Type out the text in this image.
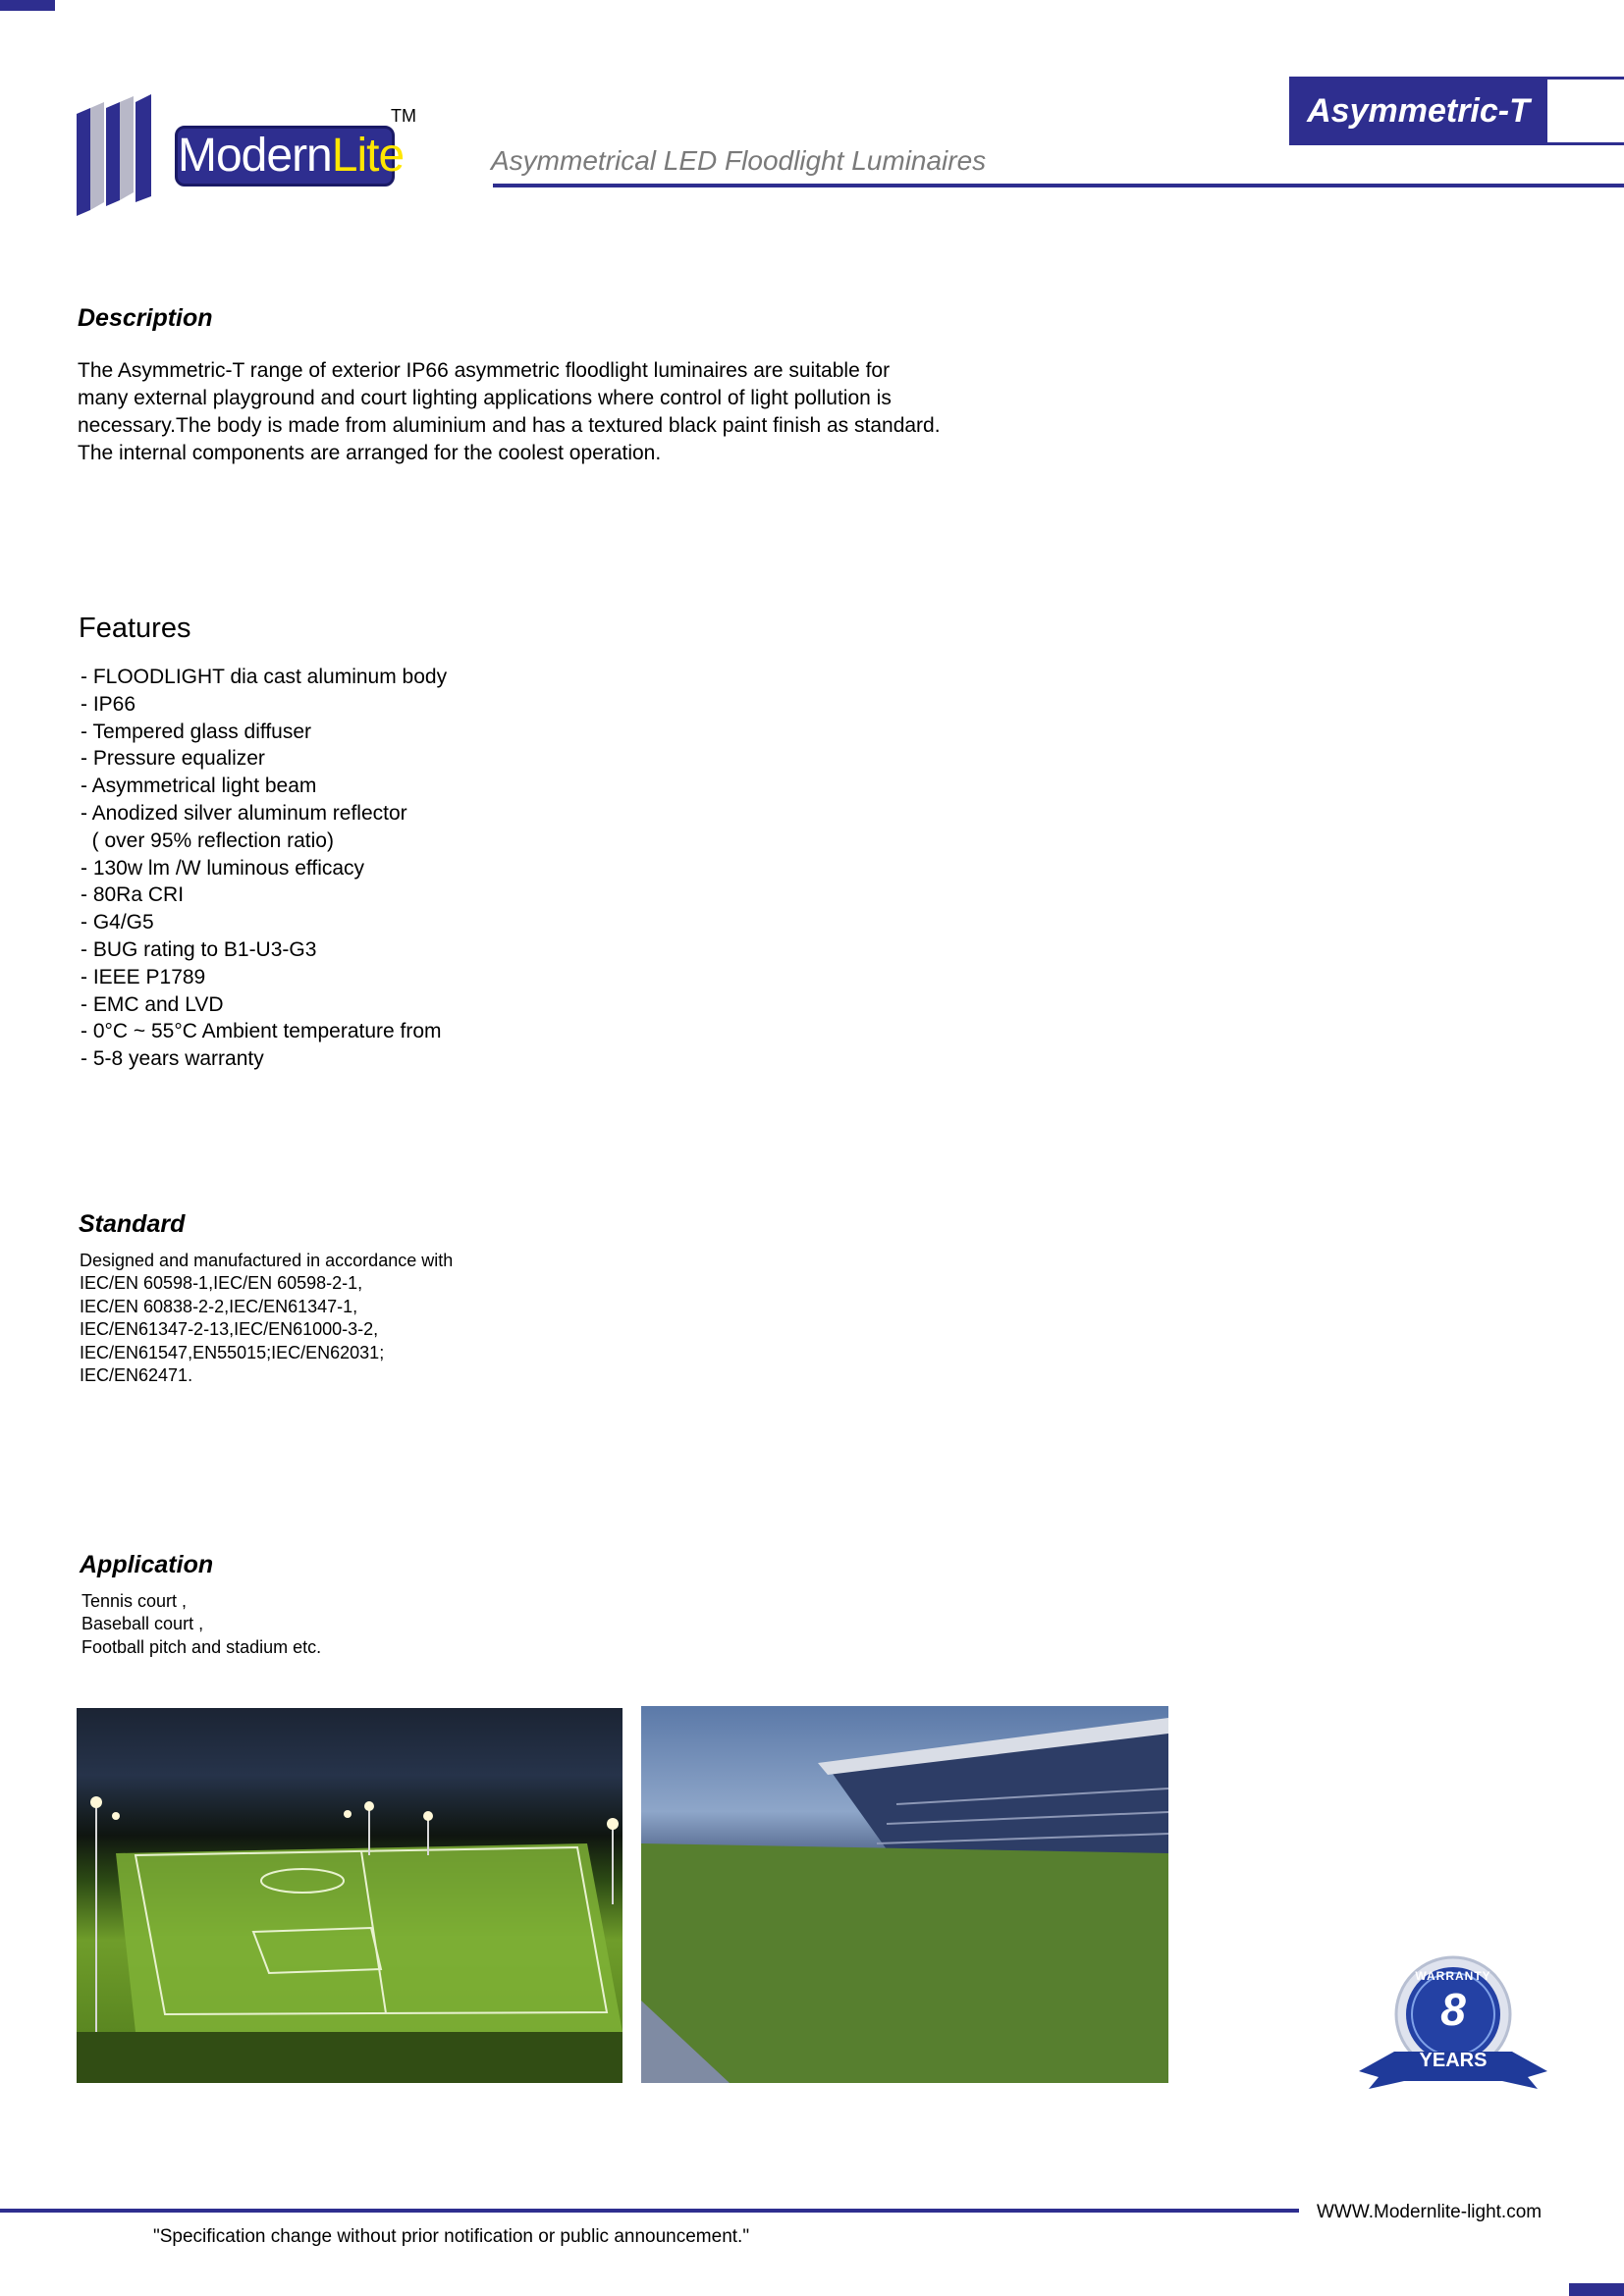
ModernLite
TM	Asymmetric-T
Asymmetrical LED Floodlight Luminaires
Description
The Asymmetric-T range of exterior IP66 asymmetric floodlight luminaires are suitable for
many external playground and court lighting applications where control of light pollution is
necessary.The body is made from aluminium and has a textured black paint finish as standard.
The internal components are arranged for the coolest operation.
Features
- FLOODLIGHT dia cast aluminum body
- IP66
- Tempered glass diffuser
- Pressure equalizer
- Asymmetrical light beam
- Anodized silver aluminum reflector
( over 95% reflection ratio)
- 130w lm /W luminous efficacy
- 80Ra CRI
- G4/G5
- BUG rating to B1-U3-G3
- IEEE P1789
- EMC and LVD
- 0°C ~ 55°C Ambient temperature from
- 5-8 years warranty
Standard
Designed and manufactured in accordance with
IEC/EN 60598-1,IEC/EN 60598-2-1,
IEC/EN 60838-2-2,IEC/EN61347-1,
IEC/EN61347-2-13,IEC/EN61000-3-2,
IEC/EN61547,EN55015;IEC/EN62031;
IEC/EN62471.
Application
Tennis court ,
Baseball court ,
Football pitch and stadium etc.
WARRANTY
8
YEARS
WWW.Modernlite-light.com
"Specification change without prior notification or public announcement."
